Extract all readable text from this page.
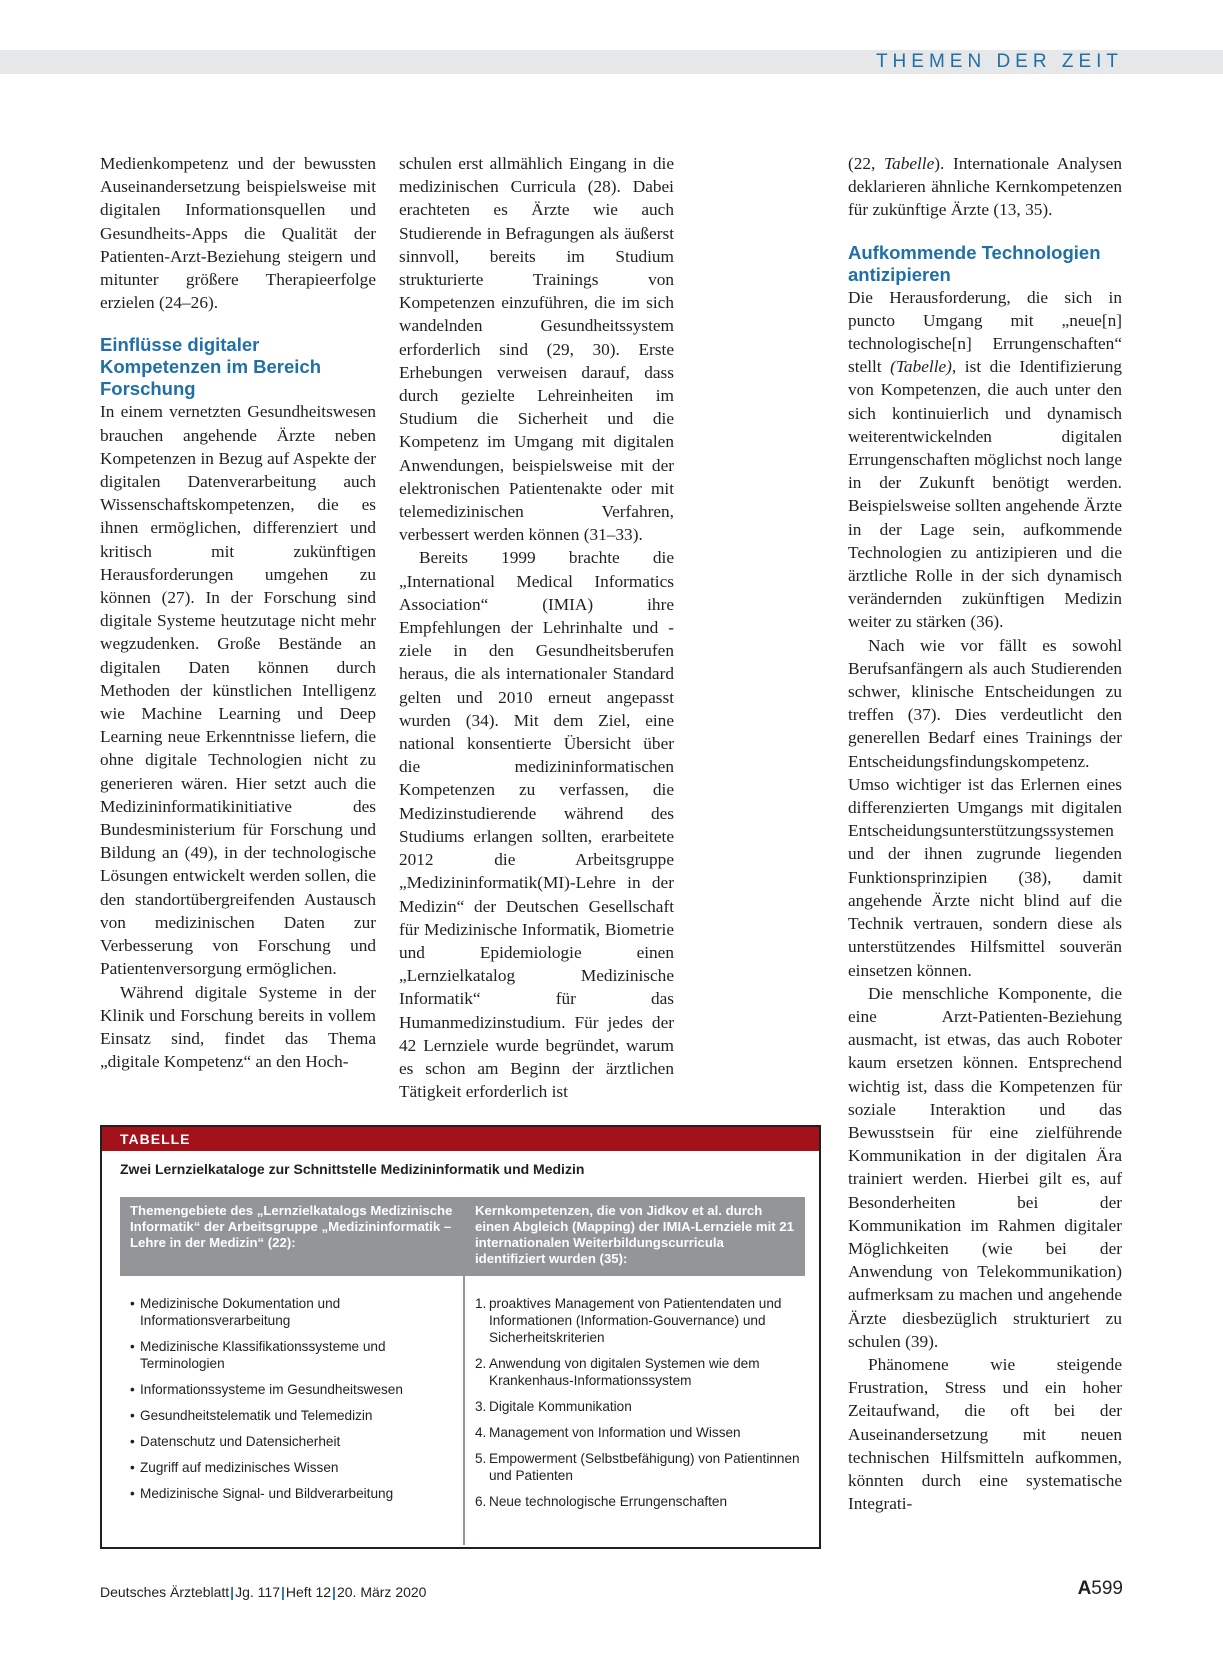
THEMEN DER ZEIT

Medienkompetenz und der bewussten Auseinandersetzung beispielsweise mit digitalen Informationsquellen und Gesundheits-Apps die Qualität der Patienten-Arzt-Beziehung steigern und mitunter größere Therapieerfolge erzielen (24–26).

Einflüsse digitaler Kompetenzen im Bereich Forschung

In einem vernetzten Gesundheitswesen brauchen angehende Ärzte neben Kompetenzen in Bezug auf Aspekte der digitalen Datenverarbeitung auch Wissenschaftskompetenzen, die es ihnen ermöglichen, differenziert und kritisch mit zukünftigen Herausforderungen umgehen zu können (27). In der Forschung sind digitale Systeme heutzutage nicht mehr wegzudenken. Große Bestände an digitalen Daten können durch Methoden der künstlichen Intelligenz wie Machine Learning und Deep Learning neue Erkenntnisse liefern, die ohne digitale Technologien nicht zu generieren wären. Hier setzt auch die Medizininformatikinitiative des Bundesministerium für Forschung und Bildung an (49), in der technologische Lösungen entwickelt werden sollen, die den standortübergreifenden Austausch von medizinischen Daten zur Verbesserung von Forschung und Patientenversorgung ermöglichen.

Während digitale Systeme in der Klinik und Forschung bereits in vollem Einsatz sind, findet das Thema „digitale Kompetenz“ an den Hoch-

schulen erst allmählich Eingang in die medizinischen Curricula (28). Dabei erachteten es Ärzte wie auch Studierende in Befragungen als äußerst sinnvoll, bereits im Studium strukturierte Trainings von Kompetenzen einzuführen, die im sich wandelnden Gesundheitssystem erforderlich sind (29, 30). Erste Erhebungen verweisen darauf, dass durch gezielte Lehreinheiten im Studium die Sicherheit und die Kompetenz im Umgang mit digitalen Anwendungen, beispielsweise mit der elektronischen Patientenakte oder mit telemedizinischen Verfahren, verbessert werden können (31–33).

Bereits 1999 brachte die „International Medical Informatics Association“ (IMIA) ihre Empfehlungen der Lehrinhalte und -ziele in den Gesundheitsberufen heraus, die als internationaler Standard gelten und 2010 erneut angepasst wurden (34). Mit dem Ziel, eine national konsentierte Übersicht über die medizininformatischen Kompetenzen zu verfassen, die Medizinstudierende während des Studiums erlangen sollten, erarbeitete 2012 die Arbeitsgruppe „Medizininformatik(MI)-Lehre in der Medizin“ der Deutschen Gesellschaft für Medizinische Informatik, Biometrie und Epidemiologie einen „Lernzielkatalog Medizinische Informatik“ für das Humanmedizinstudium. Für jedes der 42 Lernziele wurde begründet, warum es schon am Beginn der ärztlichen Tätigkeit erforderlich ist

(22, Tabelle). Internationale Analysen deklarieren ähnliche Kernkompetenzen für zukünftige Ärzte (13, 35).

Aufkommende Technologien antizipieren

Die Herausforderung, die sich in puncto Umgang mit „neue[n] technologische[n] Errungenschaften“ stellt (Tabelle), ist die Identifizierung von Kompetenzen, die auch unter den sich kontinuierlich und dynamisch weiterentwickelnden digitalen Errungenschaften möglichst noch lange in der Zukunft benötigt werden. Beispielsweise sollten angehende Ärzte in der Lage sein, aufkommende Technologien zu antizipieren und die ärztliche Rolle in der sich dynamisch verändernden zukünftigen Medizin weiter zu stärken (36).

Nach wie vor fällt es sowohl Berufsanfängern als auch Studierenden schwer, klinische Entscheidungen zu treffen (37). Dies verdeutlicht den generellen Bedarf eines Trainings der Entscheidungsfindungskompetenz. Umso wichtiger ist das Erlernen eines differenzierten Umgangs mit digitalen Entscheidungsunterstützungssystemen und der ihnen zugrunde liegenden Funktionsprinzipien (38), damit angehende Ärzte nicht blind auf die Technik vertrauen, sondern diese als unterstützendes Hilfsmittel souverän einsetzen können.

Die menschliche Komponente, die eine Arzt-Patienten-Beziehung ausmacht, ist etwas, das auch Roboter kaum ersetzen können. Entsprechend wichtig ist, dass die Kompetenzen für soziale Interaktion und das Bewusstsein für eine zielführende Kommunikation in der digitalen Ära trainiert werden. Hierbei gilt es, auf Besonderheiten bei der Kommunikation im Rahmen digitaler Möglichkeiten (wie bei der Anwendung von Telekommunikation) aufmerksam zu machen und angehende Ärzte diesbezüglich strukturiert zu schulen (39).

Phänomene wie steigende Frustration, Stress und ein hoher Zeitaufwand, die oft bei der Auseinandersetzung mit neuen technischen Hilfsmitteln aufkommen, könnten durch eine systematische Integrati-

TABELLE
Zwei Lernzielkataloge zur Schnittstelle Medizininformatik und Medizin
Themengebiete des „Lernzielkatalogs Medizinische Informatik“ der Arbeitsgruppe „Medizininformatik – Lehre in der Medizin“ (22):
Kernkompetenzen, die von Jidkov et al. durch einen Abgleich (Mapping) der IMIA-Lernziele mit 21 internationalen Weiterbildungscurricula identifiziert wurden (35):
• Medizinische Dokumentation und Informationsverarbeitung
• Medizinische Klassifikationssysteme und Terminologien
• Informationssysteme im Gesundheitswesen
• Gesundheitstelematik und Telemedizin
• Datenschutz und Datensicherheit
• Zugriff auf medizinisches Wissen
• Medizinische Signal- und Bildverarbeitung
1. proaktives Management von Patientendaten und Informationen (Information-Gouvernance) und Sicherheitskriterien
2. Anwendung von digitalen Systemen wie dem Krankenhaus-Informationssystem
3. Digitale Kommunikation
4. Management von Information und Wissen
5. Empowerment (Selbstbefähigung) von Patientinnen und Patienten
6. Neue technologische Errungenschaften
Deutsches Ärzteblatt|Jg. 117|Heft 12|20. März 2020	A599
